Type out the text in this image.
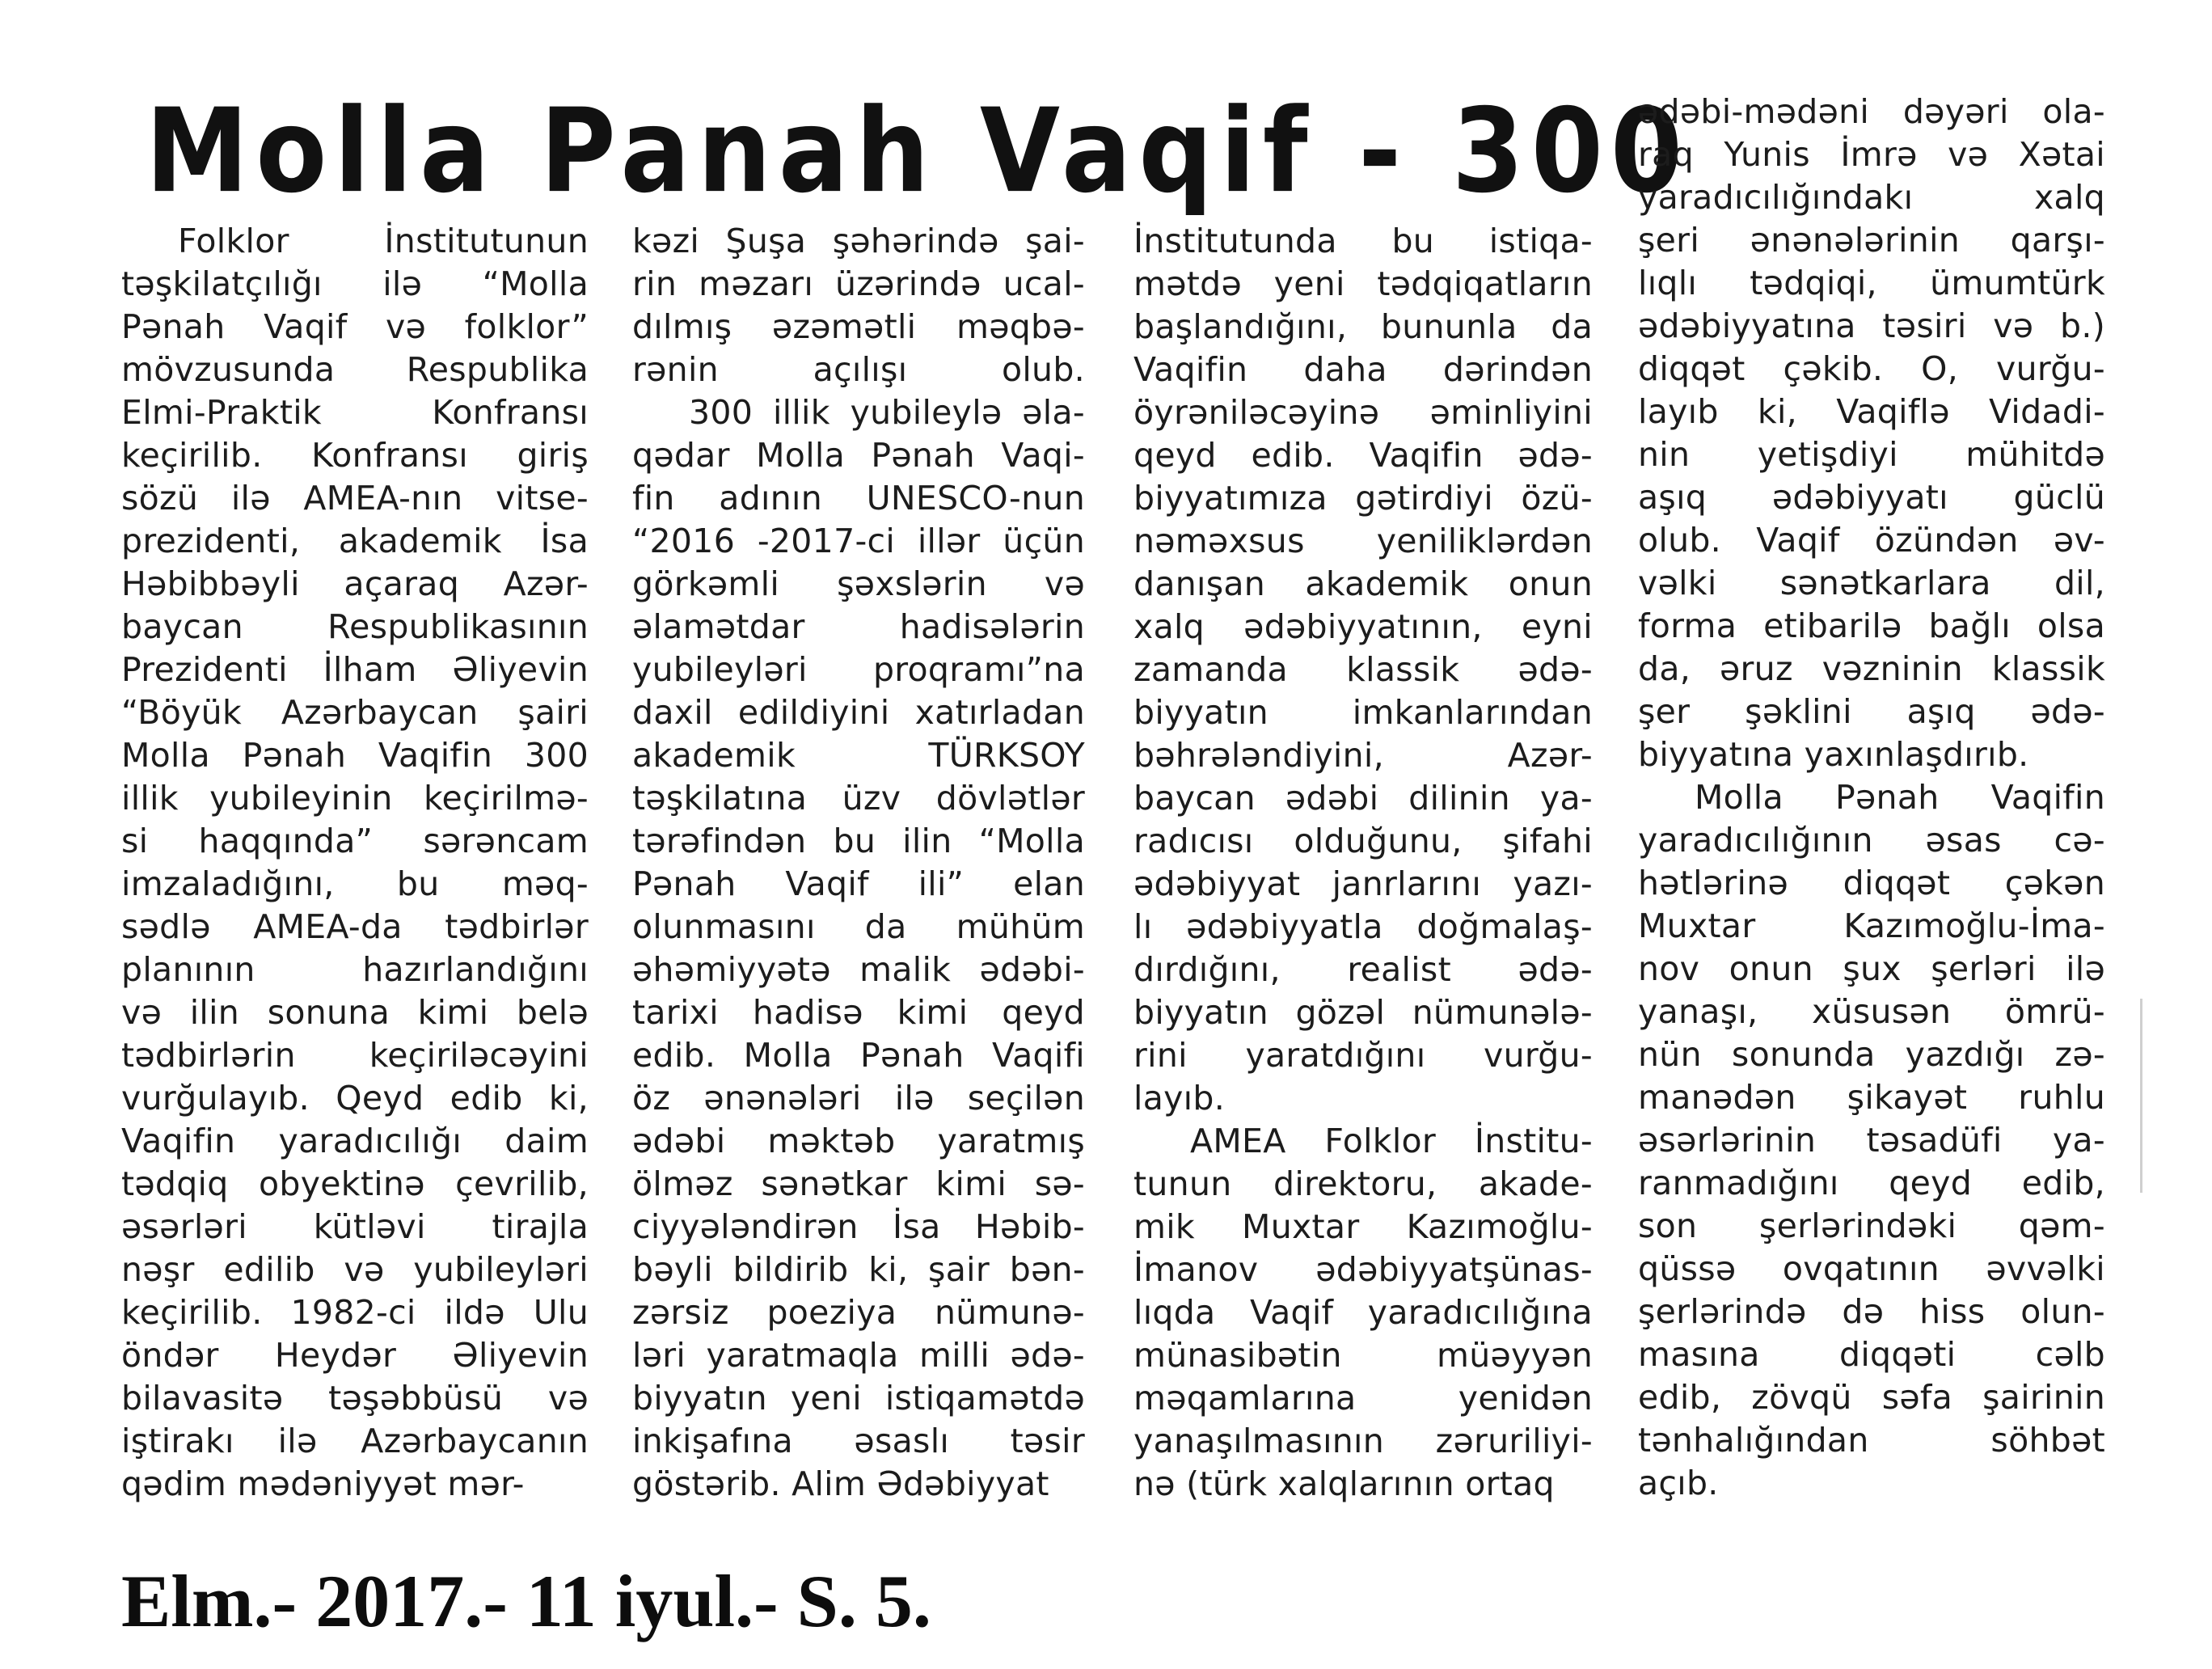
Molla Panah Vaqif - 300
Folklor İnstitutunun
təşkilatçılığı ilə “Molla
Pənah Vaqif və folklor”
mövzusunda Respublika
Elmi-Praktik Konfransı
keçirilib. Konfransı giriş
sözü ilə AMEA-nın vitse-
prezidenti, akademik İsa
Həbibbəyli açaraq Azər-
baycan Respublikasının
Prezidenti İlham Əliyevin
“Böyük Azərbaycan şairi
Molla Pənah Vaqifin 300
illik yubileyinin keçirilmə-
si haqqında” sərəncam
imzaladığını, bu məq-
sədlə AMEA-da tədbirlər
planının hazırlandığını
və ilin sonuna kimi belə
tədbirlərin keçiriləcəyini
vurğulayıb. Qeyd edib ki,
Vaqifin yaradıcılığı daim
tədqiq obyektinə çevrilib,
əsərləri kütləvi tirajla
nəşr edilib və yubileyləri
keçirilib. 1982-ci ildə Ulu
öndər Heydər Əliyevin
bilavasitə təşəbbüsü və
iştirakı ilə Azərbaycanın
qədim mədəniyyət mər-
kəzi Şuşa şəhərində şai-
rin məzarı üzərində ucal-
dılmış əzəmətli məqbə-
rənin açılışı olub.
300 illik yubileylə əla-
qədar Molla Pənah Vaqi-
fin adının UNESCO-nun
“2016 -2017-ci illər üçün
görkəmli şəxslərin və
əlamətdar hadisələrin
yubileyləri proqramı”na
daxil edildiyini xatırladan
akademik TÜRKSOY
təşkilatına üzv dövlətlər
tərəfindən bu ilin “Molla
Pənah Vaqif ili” elan
olunmasını da mühüm
əhəmiyyətə malik ədəbi-
tarixi hadisə kimi qeyd
edib. Molla Pənah Vaqifi
öz ənənələri ilə seçilən
ədəbi məktəb yaratmış
ölməz sənətkar kimi sə-
ciyyələndirən İsa Həbib-
bəyli bildirib ki, şair bən-
zərsiz poeziya nümunə-
ləri yaratmaqla milli ədə-
biyyatın yeni istiqamətdə
inkişafına əsaslı təsir
göstərib. Alim Ədəbiyyat
İnstitutunda bu istiqa-
mətdə yeni tədqiqatların
başlandığını, bununla da
Vaqifin daha dərindən
öyrəniləcəyinə əminliyini
qeyd edib. Vaqifin ədə-
biyyatımıza gətirdiyi özü-
nəməxsus yeniliklərdən
danışan akademik onun
xalq ədəbiyyatının, eyni
zamanda klassik ədə-
biyyatın imkanlarından
bəhrələndiyini, Azər-
baycan ədəbi dilinin ya-
radıcısı olduğunu, şifahi
ədəbiyyat janrlarını yazı-
lı ədəbiyyatla doğmalaş-
dırdığını, realist ədə-
biyyatın gözəl nümunələ-
rini yaratdığını vurğu-
layıb.
AMEA Folklor İnstitu-
tunun direktoru, akade-
mik Muxtar Kazımoğlu-
İmanov ədəbiyyatşünas-
lıqda Vaqif yaradıcılığına
münasibətin müəyyən
məqamlarına yenidən
yanaşılmasının zəruriliyi-
nə (türk xalqlarının ortaq
ədəbi-mədəni dəyəri ola-
raq Yunis İmrə və Xətai
yaradıcılığındakı xalq
şeri ənənələrinin qarşı-
lıqlı tədqiqi, ümumtürk
ədəbiyyatına təsiri və b.)
diqqət çəkib. O, vurğu-
layıb ki, Vaqiflə Vidadi-
nin yetişdiyi mühitdə
aşıq ədəbiyyatı güclü
olub. Vaqif özündən əv-
vəlki sənətkarlara dil,
forma etibarilə bağlı olsa
da, əruz vəzninin klassik
şer şəklini aşıq ədə-
biyyatına yaxınlaşdırıb.
Molla Pənah Vaqifin
yaradıcılığının əsas cə-
hətlərinə diqqət çəkən
Muxtar Kazımoğlu-İma-
nov onun şux şerləri ilə
yanaşı, xüsusən ömrü-
nün sonunda yazdığı zə-
manədən şikayət ruhlu
əsərlərinin təsadüfi ya-
ranmadığını qeyd edib,
son şerlərindəki qəm-
qüssə ovqatının əvvəlki
şerlərində də hiss olun-
masına diqqəti cəlb
edib, zövqü səfa şairinin
tənhalığından söhbət
açıb.
Elm.- 2017.- 11 iyul.- S. 5.
